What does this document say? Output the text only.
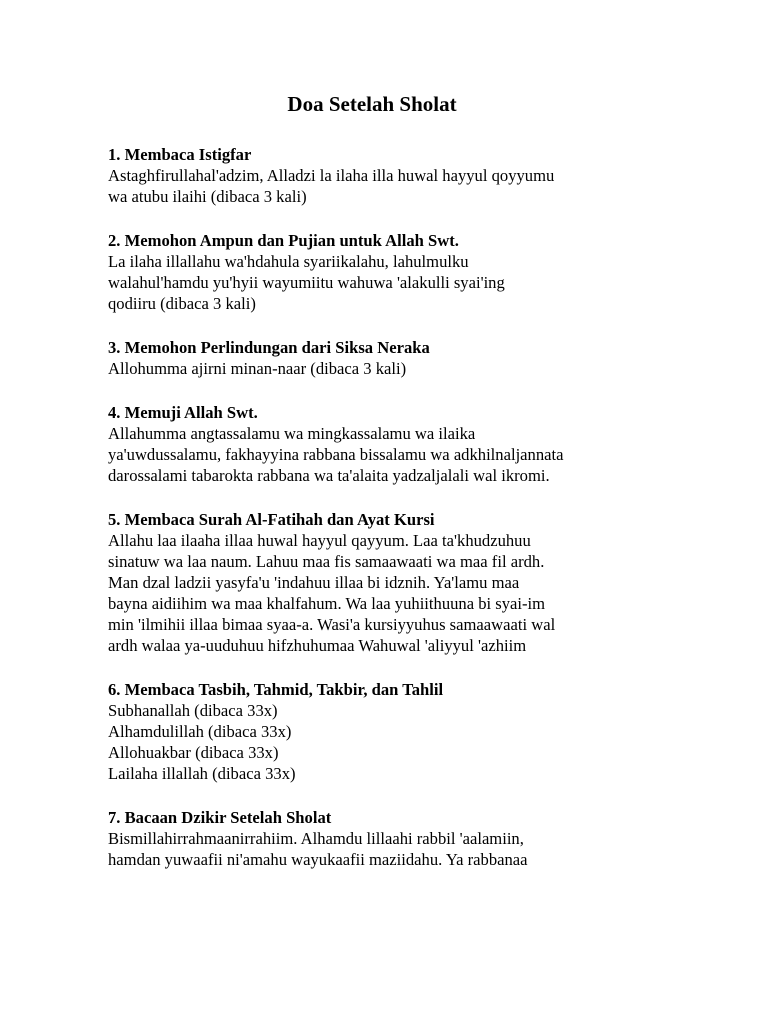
Doa Setelah Sholat
1. Membaca Istigfar
Astaghfirullahal'adzim, Alladzi la ilaha illa huwal hayyul qoyyumu
wa atubu ilaihi (dibaca 3 kali)
2. Memohon Ampun dan Pujian untuk Allah Swt.
La ilaha illallahu wa'hdahula syariikalahu, lahulmulku
walahul'hamdu yu'hyii wayumiitu wahuwa 'alakulli syai'ing
qodiiru (dibaca 3 kali)
3. Memohon Perlindungan dari Siksa Neraka
Allohumma ajirni minan-naar (dibaca 3 kali)
4. Memuji Allah Swt.
Allahumma angtassalamu wa mingkassalamu wa ilaika
ya'uwdussalamu, fakhayyina rabbana bissalamu wa adkhilnaljannata
darossalami tabarokta rabbana wa ta'alaita yadzaljalali wal ikromi.
5. Membaca Surah Al-Fatihah dan Ayat Kursi
Allahu laa ilaaha illaa huwal hayyul qayyum. Laa ta'khudzuhuu
sinatuw wa laa naum. Lahuu maa fis samaawaati wa maa fil ardh.
Man dzal ladzii yasyfa'u 'indahuu illaa bi idznih. Ya'lamu maa
bayna aidiihim wa maa khalfahum. Wa laa yuhiithuuna bi syai-im
min 'ilmihii illaa bimaa syaa-a. Wasi'a kursiyyuhus samaawaati wal
ardh walaa ya-uuduhuu hifzhuhumaa Wahuwal 'aliyyul 'azhiim
6. Membaca Tasbih, Tahmid, Takbir, dan Tahlil
Subhanallah (dibaca 33x)
Alhamdulillah (dibaca 33x)
Allohuakbar (dibaca 33x)
Lailaha illallah (dibaca 33x)
7. Bacaan Dzikir Setelah Sholat
Bismillahirrahmaanirrahiim. Alhamdu lillaahi rabbil 'aalamiin,
hamdan yuwaafii ni'amahu wayukaafii maziidahu. Ya rabbanaa
